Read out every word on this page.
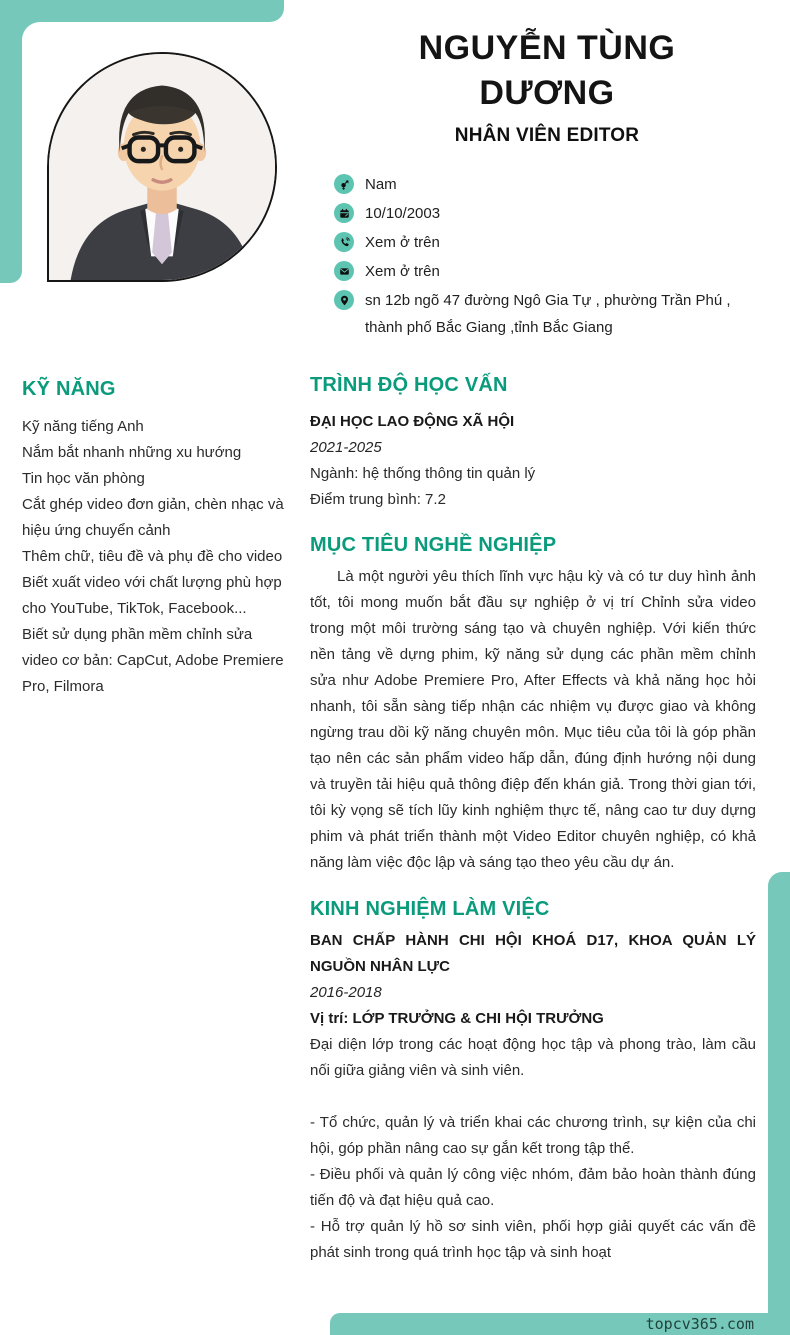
NGUYỄN TÙNG DƯƠNG
NHÂN VIÊN EDITOR
Nam
10/10/2003
Xem ở trên
Xem ở trên
sn 12b ngõ 47 đường Ngô Gia Tự , phường Trần Phú , thành phố Bắc Giang ,tỉnh Bắc Giang
KỸ NĂNG
Kỹ năng tiếng Anh
Nắm bắt nhanh những xu hướng
Tin học văn phòng
Cắt ghép video đơn giản, chèn nhạc và hiệu ứng chuyển cảnh
Thêm chữ, tiêu đề và phụ đề cho video
Biết xuất video với chất lượng phù hợp cho YouTube, TikTok, Facebook...
Biết sử dụng phần mềm chỉnh sửa video cơ bản: CapCut, Adobe Premiere Pro, Filmora
TRÌNH ĐỘ HỌC VẤN
ĐẠI HỌC LAO ĐỘNG XÃ HỘI
2021-2025
Ngành: hệ thống thông tin quản lý
Điểm trung bình: 7.2
MỤC TIÊU NGHỀ NGHIỆP
Là một người yêu thích lĩnh vực hậu kỳ và có tư duy hình ảnh tốt, tôi mong muốn bắt đầu sự nghiệp ở vị trí Chỉnh sửa video trong một môi trường sáng tạo và chuyên nghiệp. Với kiến thức nền tảng về dựng phim, kỹ năng sử dụng các phần mềm chỉnh sửa như Adobe Premiere Pro, After Effects và khả năng học hỏi nhanh, tôi sẵn sàng tiếp nhận các nhiệm vụ được giao và không ngừng trau dồi kỹ năng chuyên môn. Mục tiêu của tôi là góp phần tạo nên các sản phẩm video hấp dẫn, đúng định hướng nội dung và truyền tải hiệu quả thông điệp đến khán giả. Trong thời gian tới, tôi kỳ vọng sẽ tích lũy kinh nghiệm thực tế, nâng cao tư duy dựng phim và phát triển thành một Video Editor chuyên nghiệp, có khả năng làm việc độc lập và sáng tạo theo yêu cầu dự án.
KINH NGHIỆM LÀM VIỆC
BAN CHẤP HÀNH CHI HỘI KHOÁ D17, KHOA QUẢN LÝ NGUỒN NHÂN LỰC
2016-2018
Vị trí: LỚP TRƯỞNG & CHI HỘI TRƯỞNG
Đại diện lớp trong các hoạt động học tập và phong trào, làm cầu nối giữa giảng viên và sinh viên.
- Tổ chức, quản lý và triển khai các chương trình, sự kiện của chi hội, góp phần nâng cao sự gắn kết trong tập thể.
- Điều phối và quản lý công việc nhóm, đảm bảo hoàn thành đúng tiến độ và đạt hiệu quả cao.
- Hỗ trợ quản lý hồ sơ sinh viên, phối hợp giải quyết các vấn đề phát sinh trong quá trình học tập và sinh hoạt
topcv365.com
